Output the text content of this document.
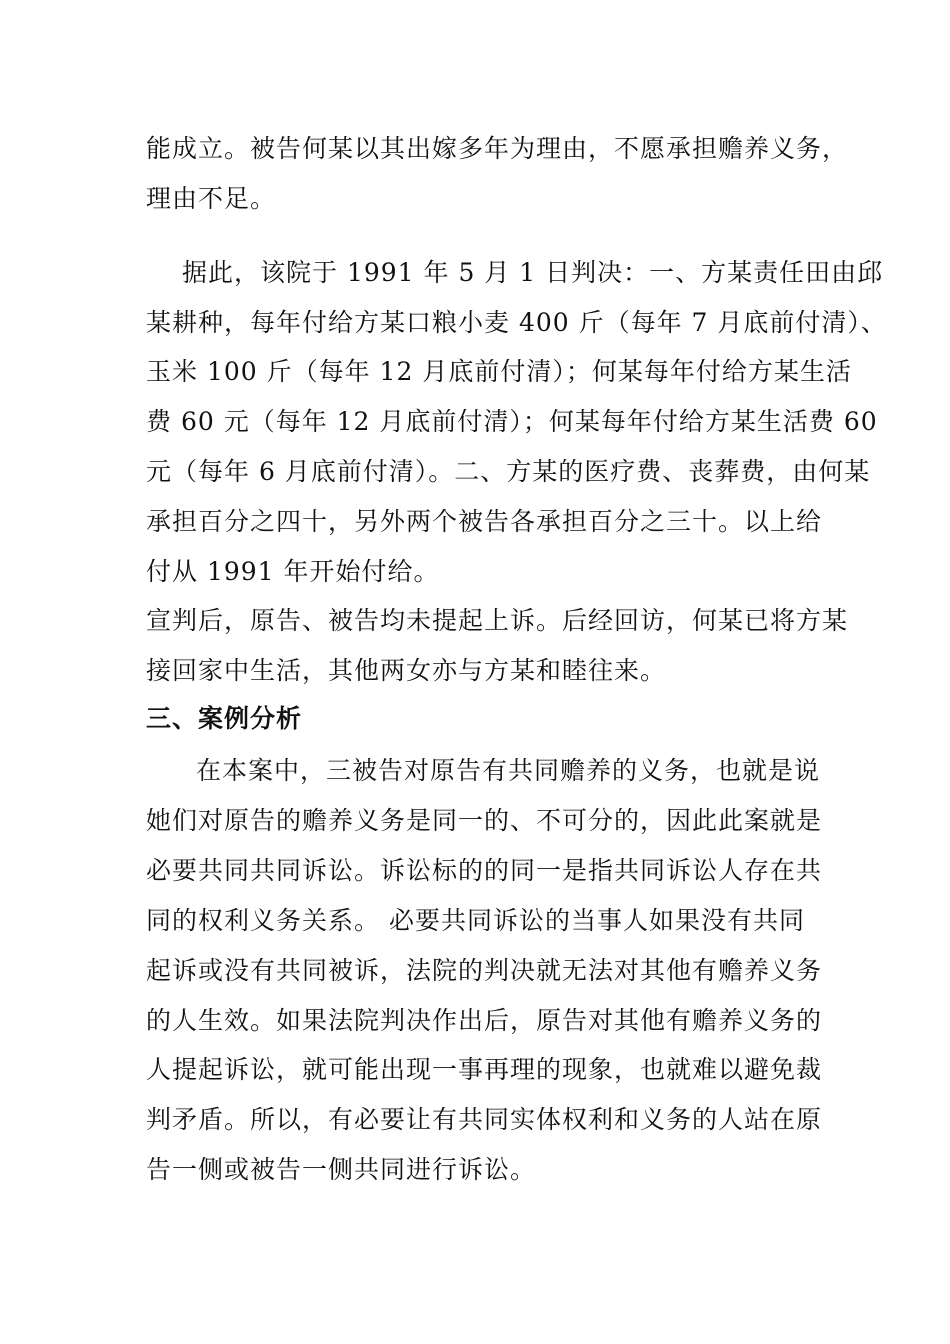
能成立。被告何某以其出嫁多年为理由，不愿承担赡养义务，
理由不足。
据此，该院于 1991 年 5 月 1 日判决：一、方某责任田由邱
某耕种，每年付给方某口粮小麦 400 斤（每年 7 月底前付清）、
玉米 100 斤（每年 12 月底前付清）；何某每年付给方某生活
费 60 元（每年 12 月底前付清）；何某每年付给方某生活费 60
元（每年 6 月底前付清）。二、方某的医疗费、丧葬费，由何某
承担百分之四十，另外两个被告各承担百分之三十。以上给
付从 1991 年开始付给。
宣判后，原告、被告均未提起上诉。后经回访，何某已将方某
接回家中生活，其他两女亦与方某和睦往来。
三、案例分析
在本案中，三被告对原告有共同赡养的义务，也就是说
她们对原告的赡养义务是同一的、不可分的，因此此案就是
必要共同共同诉讼。诉讼标的的同一是指共同诉讼人存在共
同的权利义务关系。 必要共同诉讼的当事人如果没有共同
起诉或没有共同被诉，法院的判决就无法对其他有赡养义务
的人生效。如果法院判决作出后，原告对其他有赡养义务的
人提起诉讼，就可能出现一事再理的现象，也就难以避免裁
判矛盾。所以，有必要让有共同实体权利和义务的人站在原
告一侧或被告一侧共同进行诉讼。
